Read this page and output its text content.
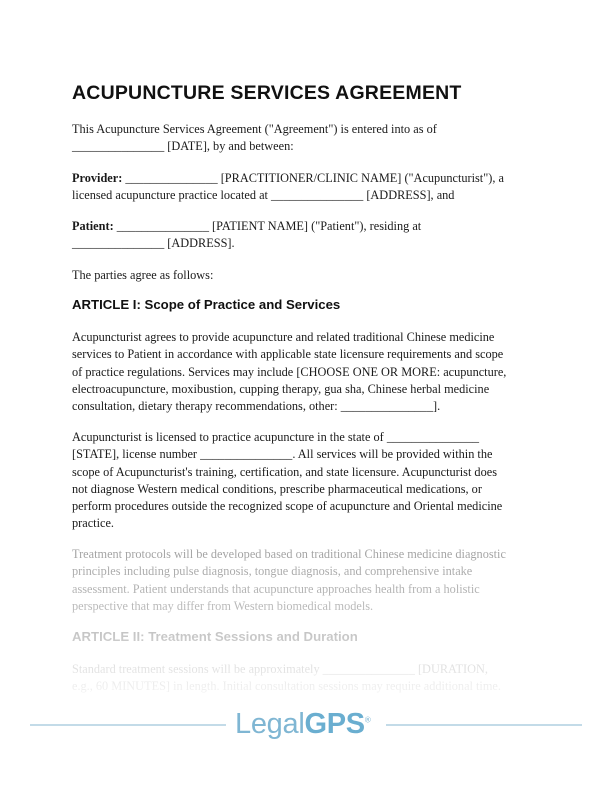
ACUPUNCTURE SERVICES AGREEMENT
This Acupuncture Services Agreement ("Agreement") is entered into as of
_______________ [DATE], by and between:
Provider: _______________ [PRACTITIONER/CLINIC NAME] ("Acupuncturist"), a
licensed acupuncture practice located at _______________ [ADDRESS], and
Patient: _______________ [PATIENT NAME] ("Patient"), residing at
_______________ [ADDRESS].
The parties agree as follows:
ARTICLE I: Scope of Practice and Services
Acupuncturist agrees to provide acupuncture and related traditional Chinese medicine
services to Patient in accordance with applicable state licensure requirements and scope
of practice regulations. Services may include [CHOOSE ONE OR MORE: acupuncture,
electroacupuncture, moxibustion, cupping therapy, gua sha, Chinese herbal medicine
consultation, dietary therapy recommendations, other: _______________].
Acupuncturist is licensed to practice acupuncture in the state of _______________
[STATE], license number _______________. All services will be provided within the
scope of Acupuncturist's training, certification, and state licensure. Acupuncturist does
not diagnose Western medical conditions, prescribe pharmaceutical medications, or
perform procedures outside the recognized scope of acupuncture and Oriental medicine
practice.
LegalGPS®
